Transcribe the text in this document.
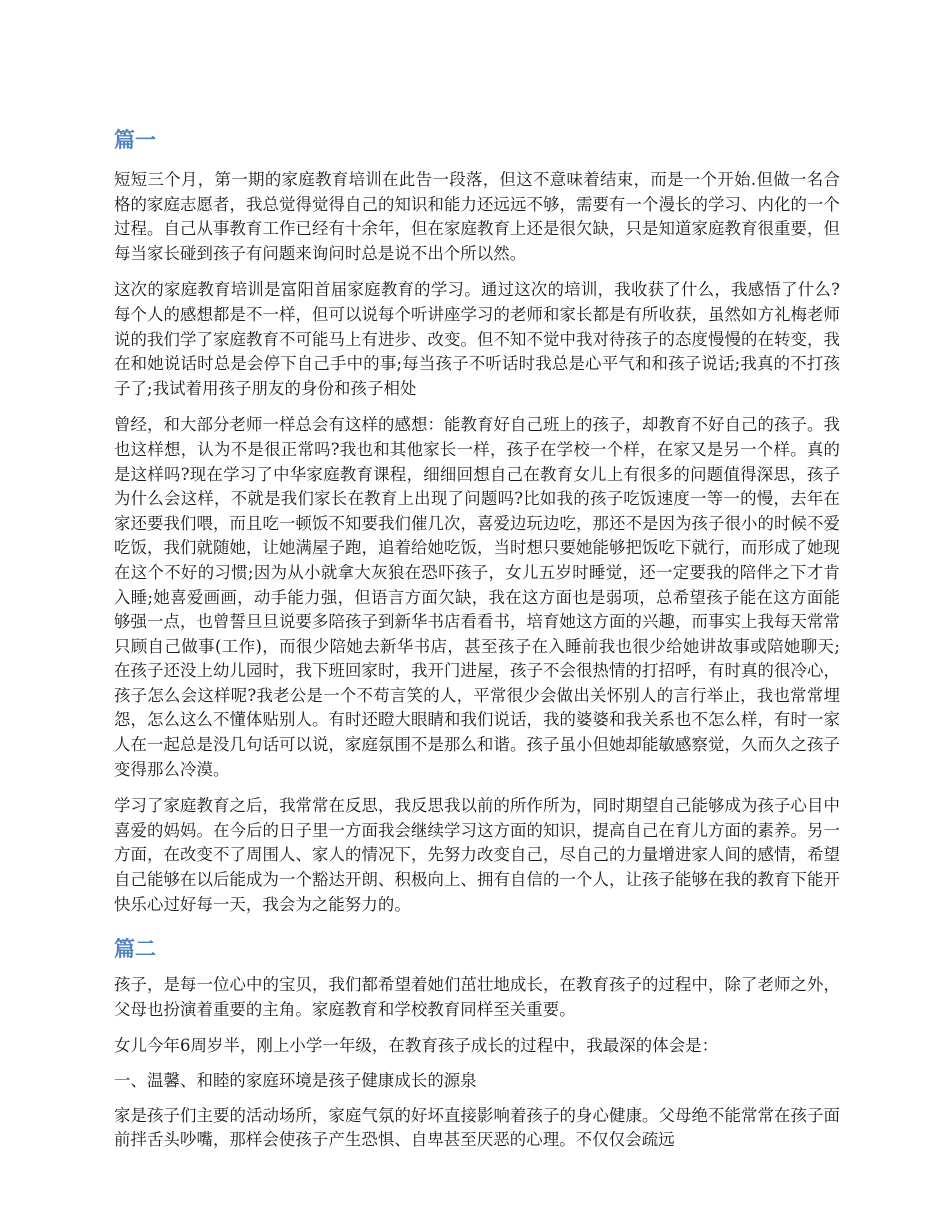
篇一

短短三个月，第一期的家庭教育培训在此告一段落，但这不意味着结束，而是一个开始.但做一名合格的家庭志愿者，我总觉得觉得自己的知识和能力还远远不够，需要有一个漫长的学习、内化的一个过程。自己从事教育工作已经有十余年，但在家庭教育上还是很欠缺，只是知道家庭教育很重要，但每当家长碰到孩子有问题来询问时总是说不出个所以然。

这次的家庭教育培训是富阳首届家庭教育的学习。通过这次的培训，我收获了什么，我感悟了什么?每个人的感想都是不一样，但可以说每个听讲座学习的老师和家长都是有所收获，虽然如方礼梅老师说的我们学了家庭教育不可能马上有进步、改变。但不知不觉中我对待孩子的态度慢慢的在转变，我在和她说话时总是会停下自己手中的事;每当孩子不听话时我总是心平气和和孩子说话;我真的不打孩子了;我试着用孩子朋友的身份和孩子相处

曾经，和大部分老师一样总会有这样的感想：能教育好自己班上的孩子，却教育不好自己的孩子。我也这样想，认为不是很正常吗?我也和其他家长一样，孩子在学校一个样，在家又是另一个样。真的是这样吗?现在学习了中华家庭教育课程，细细回想自己在教育女儿上有很多的问题值得深思，孩子为什么会这样，不就是我们家长在教育上出现了问题吗?比如我的孩子吃饭速度一等一的慢，去年在家还要我们喂，而且吃一顿饭不知要我们催几次，喜爱边玩边吃，那还不是因为孩子很小的时候不爱吃饭，我们就随她，让她满屋子跑，追着给她吃饭，当时想只要她能够把饭吃下就行，而形成了她现在这个不好的习惯;因为从小就拿大灰狼在恐吓孩子，女儿五岁时睡觉，还一定要我的陪伴之下才肯入睡;她喜爱画画，动手能力强，但语言方面欠缺，我在这方面也是弱项，总希望孩子能在这方面能够强一点，也曾誓旦旦说要多陪孩子到新华书店看看书，培育她这方面的兴趣，而事实上我每天常常只顾自己做事(工作)，而很少陪她去新华书店，甚至孩子在入睡前我也很少给她讲故事或陪她聊天;在孩子还没上幼儿园时，我下班回家时，我开门进屋，孩子不会很热情的打招呼，有时真的很冷心，孩子怎么会这样呢?我老公是一个不苟言笑的人，平常很少会做出关怀别人的言行举止，我也常常埋怨，怎么这么不懂体贴别人。有时还瞪大眼睛和我们说话，我的婆婆和我关系也不怎么样，有时一家人在一起总是没几句话可以说，家庭氛围不是那么和谐。孩子虽小但她却能敏感察觉，久而久之孩子变得那么冷漠。

学习了家庭教育之后，我常常在反思，我反思我以前的所作所为，同时期望自己能够成为孩子心目中喜爱的妈妈。在今后的日子里一方面我会继续学习这方面的知识，提高自己在育儿方面的素养。另一方面，在改变不了周围人、家人的情况下，先努力改变自己，尽自己的力量增进家人间的感情，希望自己能够在以后能成为一个豁达开朗、积极向上、拥有自信的一个人，让孩子能够在我的教育下能开快乐心过好每一天，我会为之能努力的。

篇二

孩子，是每一位心中的宝贝，我们都希望着她们茁壮地成长，在教育孩子的过程中，除了老师之外，父母也扮演着重要的主角。家庭教育和学校教育同样至关重要。

女儿今年6周岁半，刚上小学一年级，在教育孩子成长的过程中，我最深的体会是：

一、温馨、和睦的家庭环境是孩子健康成长的源泉

家是孩子们主要的活动场所，家庭气氛的好坏直接影响着孩子的身心健康。父母绝不能常常在孩子面前拌舌头吵嘴，那样会使孩子产生恐惧、自卑甚至厌恶的心理。不仅仅会疏远
